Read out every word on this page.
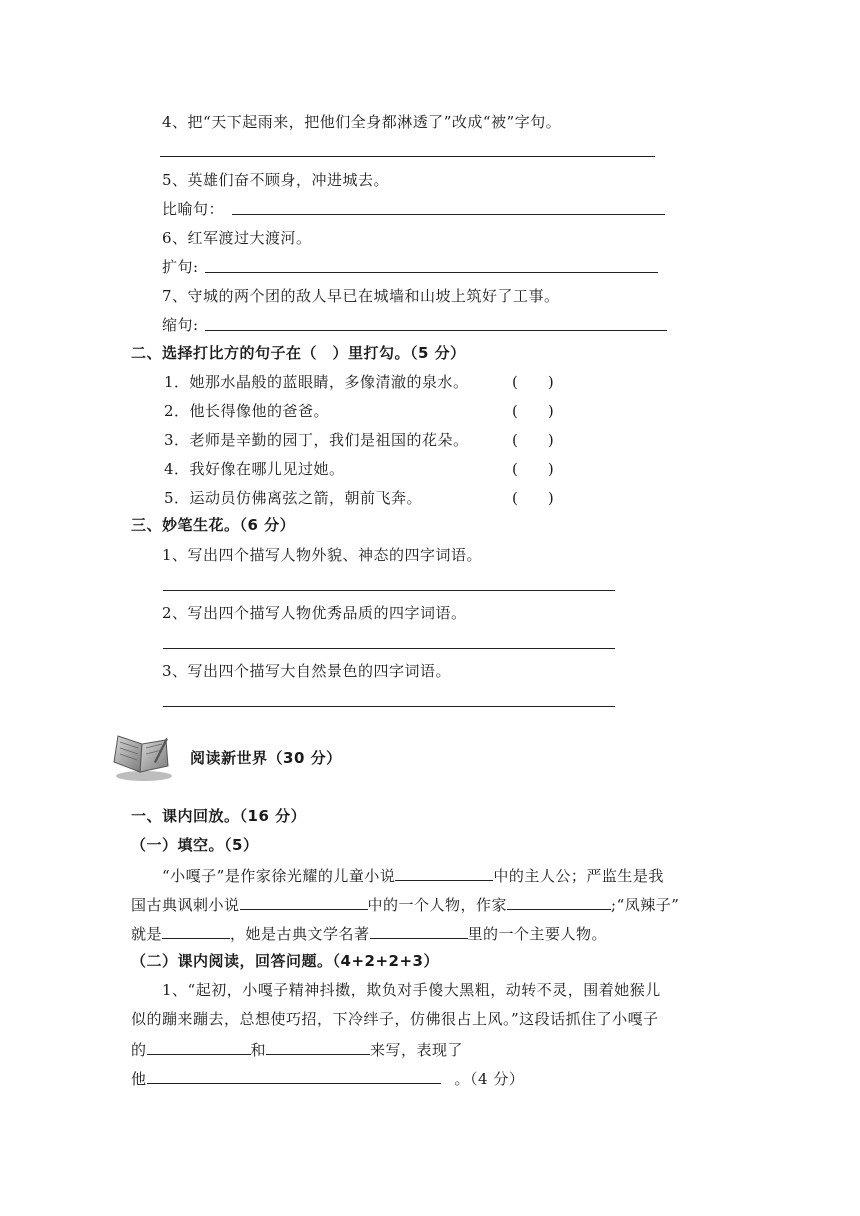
4、把“天下起雨来，把他们全身都淋透了”改成“被”字句。
5、英雄们奋不顾身，冲进城去。
比喻句：
6、红军渡过大渡河。
扩句:
7、守城的两个团的敌人早已在城墙和山坡上筑好了工事。
缩句:
二、选择打比方的句子在（　）里打勾。（5 分）
1．她那水晶般的蓝眼睛，多像清澈的泉水。	(　　)
2．他长得像他的爸爸。	(　　)
3．老师是辛勤的园丁，我们是祖国的花朵。	(　　)
4．我好像在哪儿见过她。	(　　)
5．运动员仿佛离弦之箭，朝前飞奔。	(　　)
三、妙笔生花。（6 分）
1、写出四个描写人物外貌、神态的四字词语。
2、写出四个描写人物优秀品质的四字词语。
3、写出四个描写大自然景色的四字词语。
阅读新世界（30 分）
一、课内回放。（16 分）
（一）填空。（5）
“小嘎子”是作家徐光耀的儿童小说	中的主人公；严监生是我
国古典讽刺小说	中的一个人物，作家	;“凤辣子”
就是	，她是古典文学名著	里的一个主要人物。
（二）课内阅读，回答问题。（4+2+2+3）
1、“起初，小嘎子精神抖擞，欺负对手傻大黑粗，动转不灵，围着她猴儿
似的蹦来蹦去，总想使巧招，下冷绊子，仿佛很占上风。”这段话抓住了小嘎子
的	和	来写，表现了
他	。（4 分）
